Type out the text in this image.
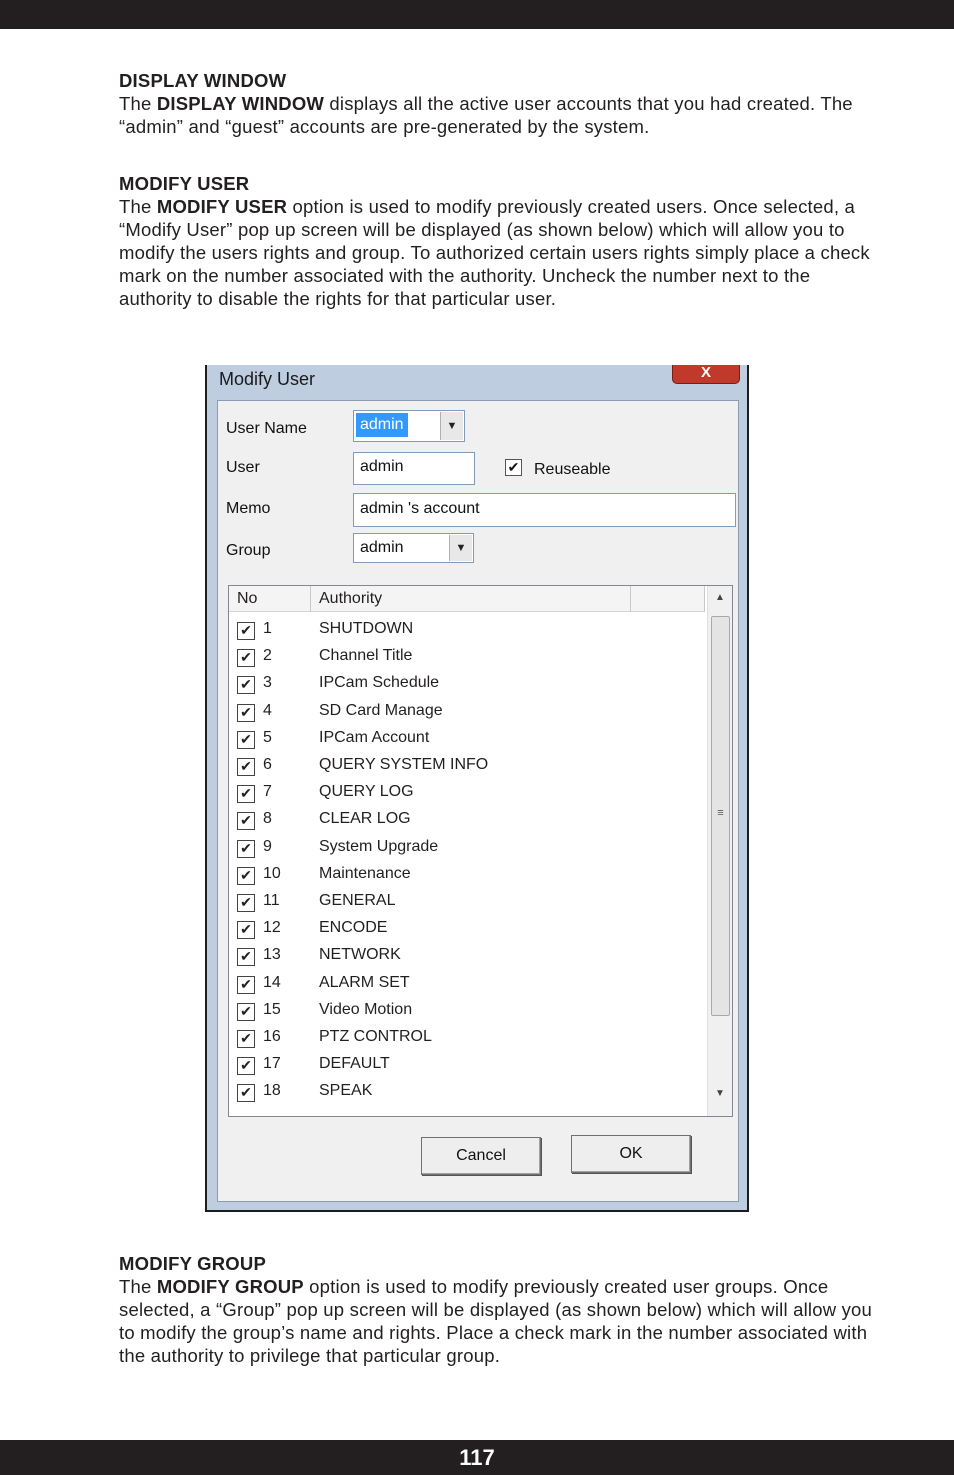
DISPLAY WINDOW

The DISPLAY WINDOW displays all the active user accounts that you had created. The “admin” and “guest” accounts are pre-generated by the system.

MODIFY USER

The MODIFY USER option is used to modify previously created users. Once selected, a “Modify User” pop up screen will be displayed (as shown below) which will allow you to modify the users rights and group. To authorized certain users rights simply place a check mark on the number associated with the authority. Uncheck the number next to the authority to disable the rights for that particular user.

Modify User	X
User Name	admin	▼
User	admin	✔ Reuseable
Memo	admin 's account
Group	admin	▼
No	Authority
✔ 1	SHUTDOWN
✔ 2	Channel Title
✔ 3	IPCam Schedule
✔ 4	SD Card Manage
✔ 5	IPCam Account
✔ 6	QUERY SYSTEM INFO
✔ 7	QUERY LOG
✔ 8	CLEAR LOG
✔ 9	System Upgrade
✔ 10 Maintenance
✔ 11 GENERAL
✔ 12 ENCODE
✔ 13 NETWORK
✔ 14 ALARM SET
✔ 15 Video Motion
✔ 16 PTZ CONTROL
✔ 17 DEFAULT
✔ 18 SPEAK
▲
≡
▼
Cancel	OK
MODIFY GROUP

The MODIFY GROUP option is used to modify previously created user groups. Once selected, a “Group” pop up screen will be displayed (as shown below) which will allow you to modify the group’s name and rights. Place a check mark in the number associated with the authority to privilege that particular group.

117
